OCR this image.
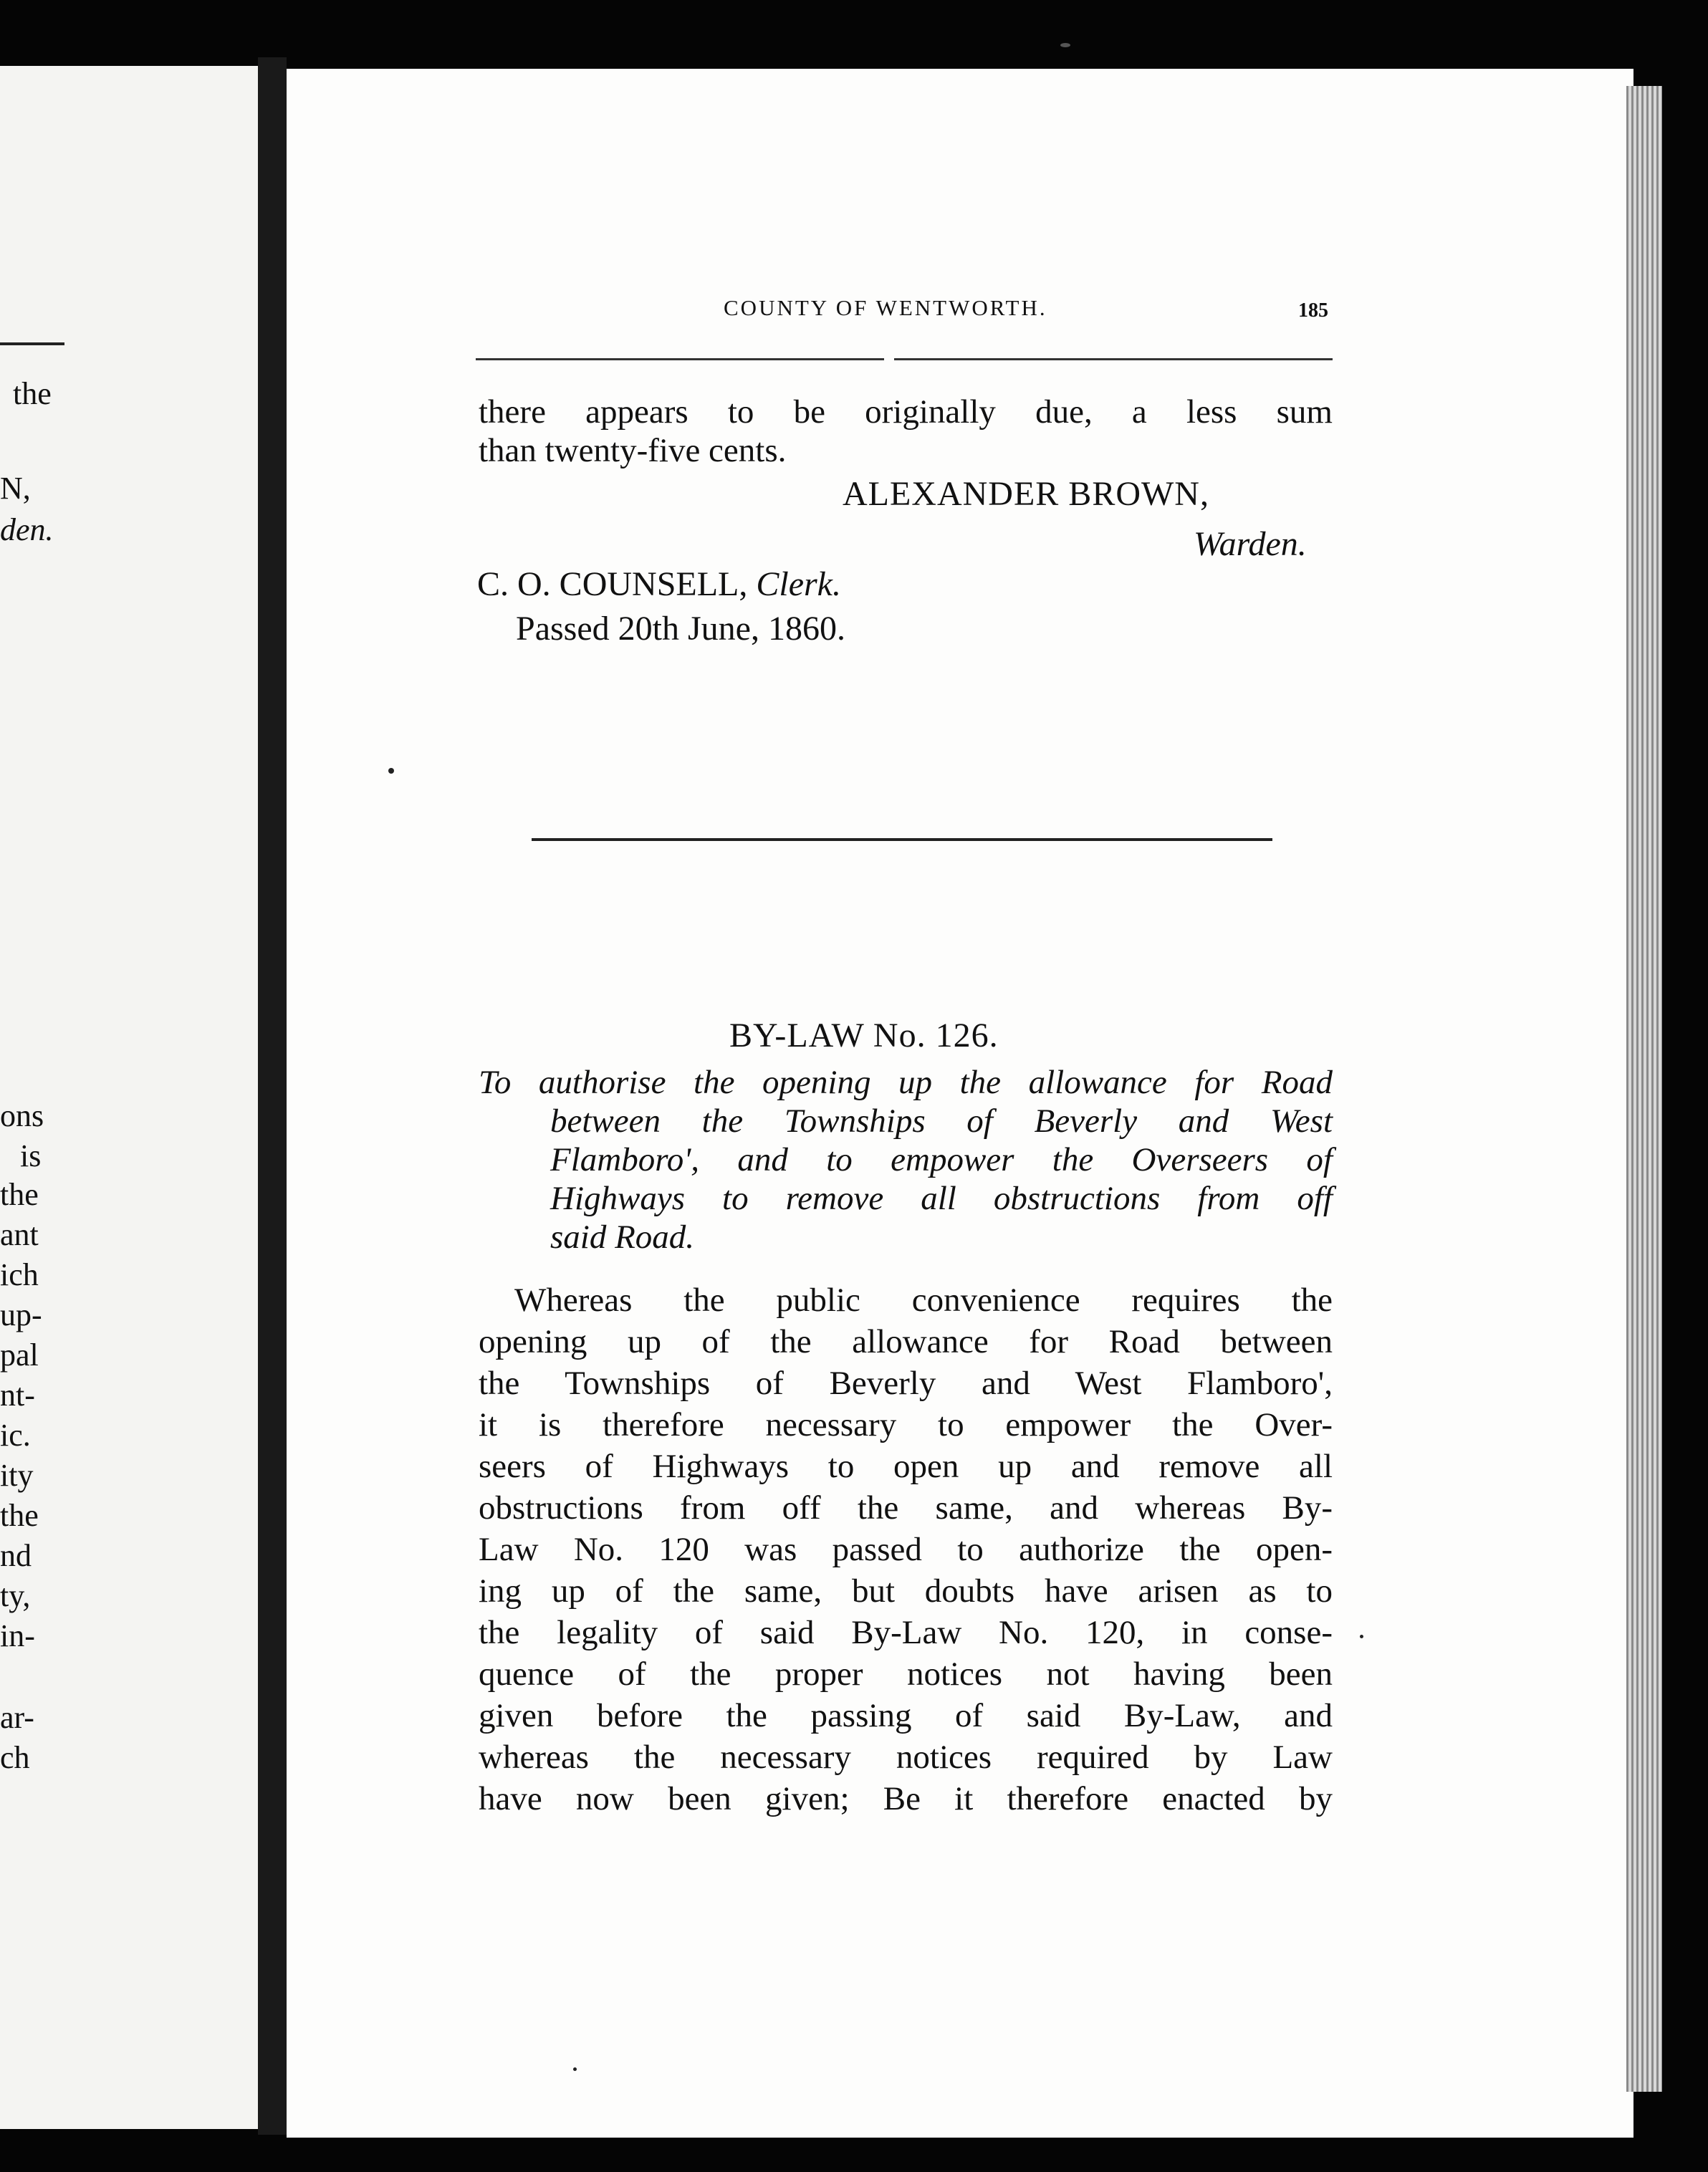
the

N,

den.

ons

is

the

ant

ich

up-

pal

nt-

ic.

ity

the

nd

ty,

in-

ar-

ch

COUNTY OF WENTWORTH.	185

there appears to be originally due, a less sum

than twenty-five cents.

ALEXANDER BROWN,

Warden.

C. O. COUNSELL, Clerk.

Passed 20th June, 1860.

BY-LAW No. 126.

To authorise the opening up the allowance for Road

between the Townships of Beverly and West

Flamboro', and to empower the Overseers of

Highways to remove all obstructions from off

said Road.

Whereas the public convenience requires the

opening up of the allowance for Road between

the Townships of Beverly and West Flamboro',

it is therefore necessary to empower the Over-

seers of Highways to open up and remove all

obstructions from off the same, and whereas By-

Law No. 120 was passed to authorize the open-

ing up of the same, but doubts have arisen as to

the legality of said By-Law No. 120, in conse-

quence of the proper notices not having been

given before the passing of said By-Law, and

whereas the necessary notices required by Law

have now been given; Be it therefore enacted by
